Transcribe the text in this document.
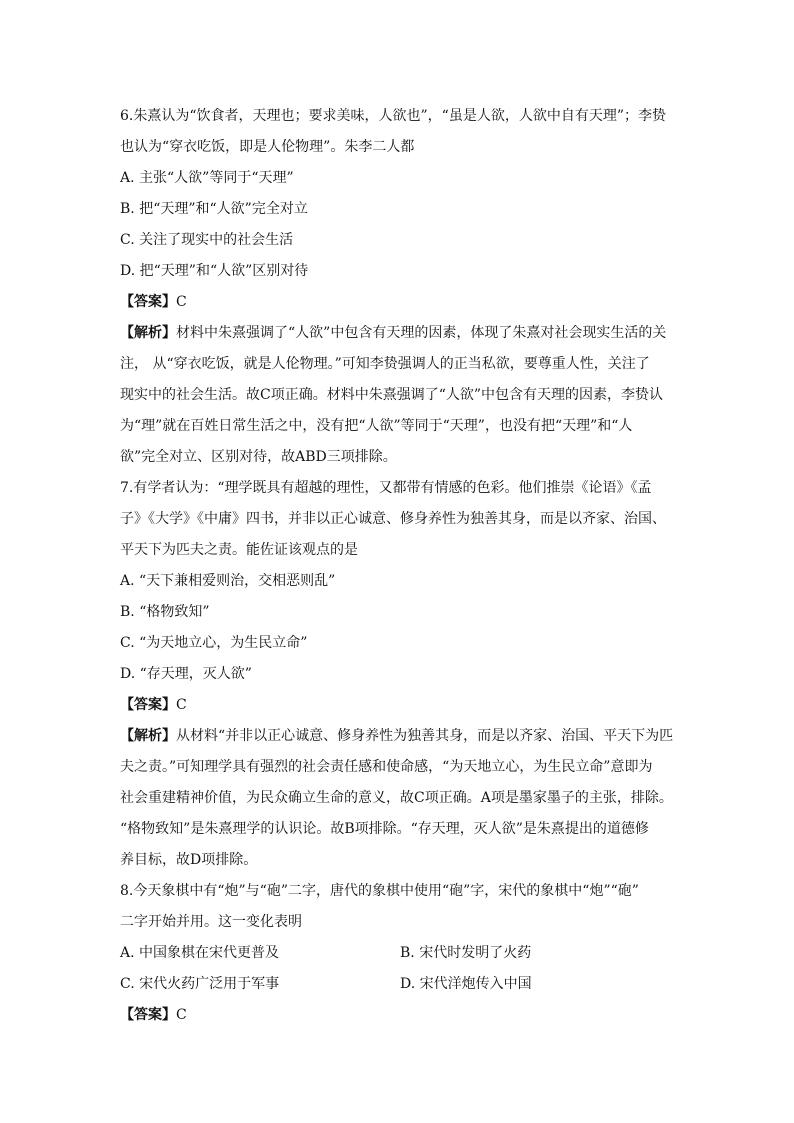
6.朱熹认为“饮食者，天理也；要求美味，人欲也”，“虽是人欲，人欲中自有天理”；李贽
也认为“穿衣吃饭，即是人伦物理”。朱李二人都
A. 主张“人欲”等同于“天理”
B. 把“天理”和“人欲”完全对立
C. 关注了现实中的社会生活
D. 把“天理”和“人欲”区别对待
【答案】C
【解析】材料中朱熹强调了“人欲”中包含有天理的因素，体现了朱熹对社会现实生活的关
注， 从“穿衣吃饭，就是人伦物理。”可知李贽强调人的正当私欲，要尊重人性，关注了
现实中的社会生活。故C项正确。材料中朱熹强调了“人欲”中包含有天理的因素，李贽认
为“理”就在百姓日常生活之中，没有把“人欲”等同于“天理”，也没有把“天理”和“人
欲”完全对立、区别对待，故ABD三项排除。
7.有学者认为：“理学既具有超越的理性，又都带有情感的色彩。他们推崇《论语》《孟
子》《大学》《中庸》四书，并非以正心诚意、修身养性为独善其身，而是以齐家、治国、
平天下为匹夫之责。能佐证该观点的是
A. “天下兼相爱则治，交相恶则乱”
B. “格物致知”
C. “为天地立心，为生民立命”
D. “存天理，灭人欲”
【答案】C
【解析】从材料“并非以正心诚意、修身养性为独善其身，而是以齐家、治国、平天下为匹
夫之责。”可知理学具有强烈的社会责任感和使命感，“为天地立心，为生民立命”意即为
社会重建精神价值，为民众确立生命的意义，故C项正确。A项是墨家墨子的主张，排除。
“格物致知”是朱熹理学的认识论。故B项排除。“存天理，灭人欲”是朱熹提出的道德修
养目标，故D项排除。
8.今天象棋中有“炮”与“砲”二字，唐代的象棋中使用“砲”字，宋代的象棋中“炮”“砲”
二字开始并用。这一变化表明
A. 中国象棋在宋代更普及	B. 宋代时发明了火药
C. 宋代火药广泛用于军事	D. 宋代洋炮传入中国
【答案】C
